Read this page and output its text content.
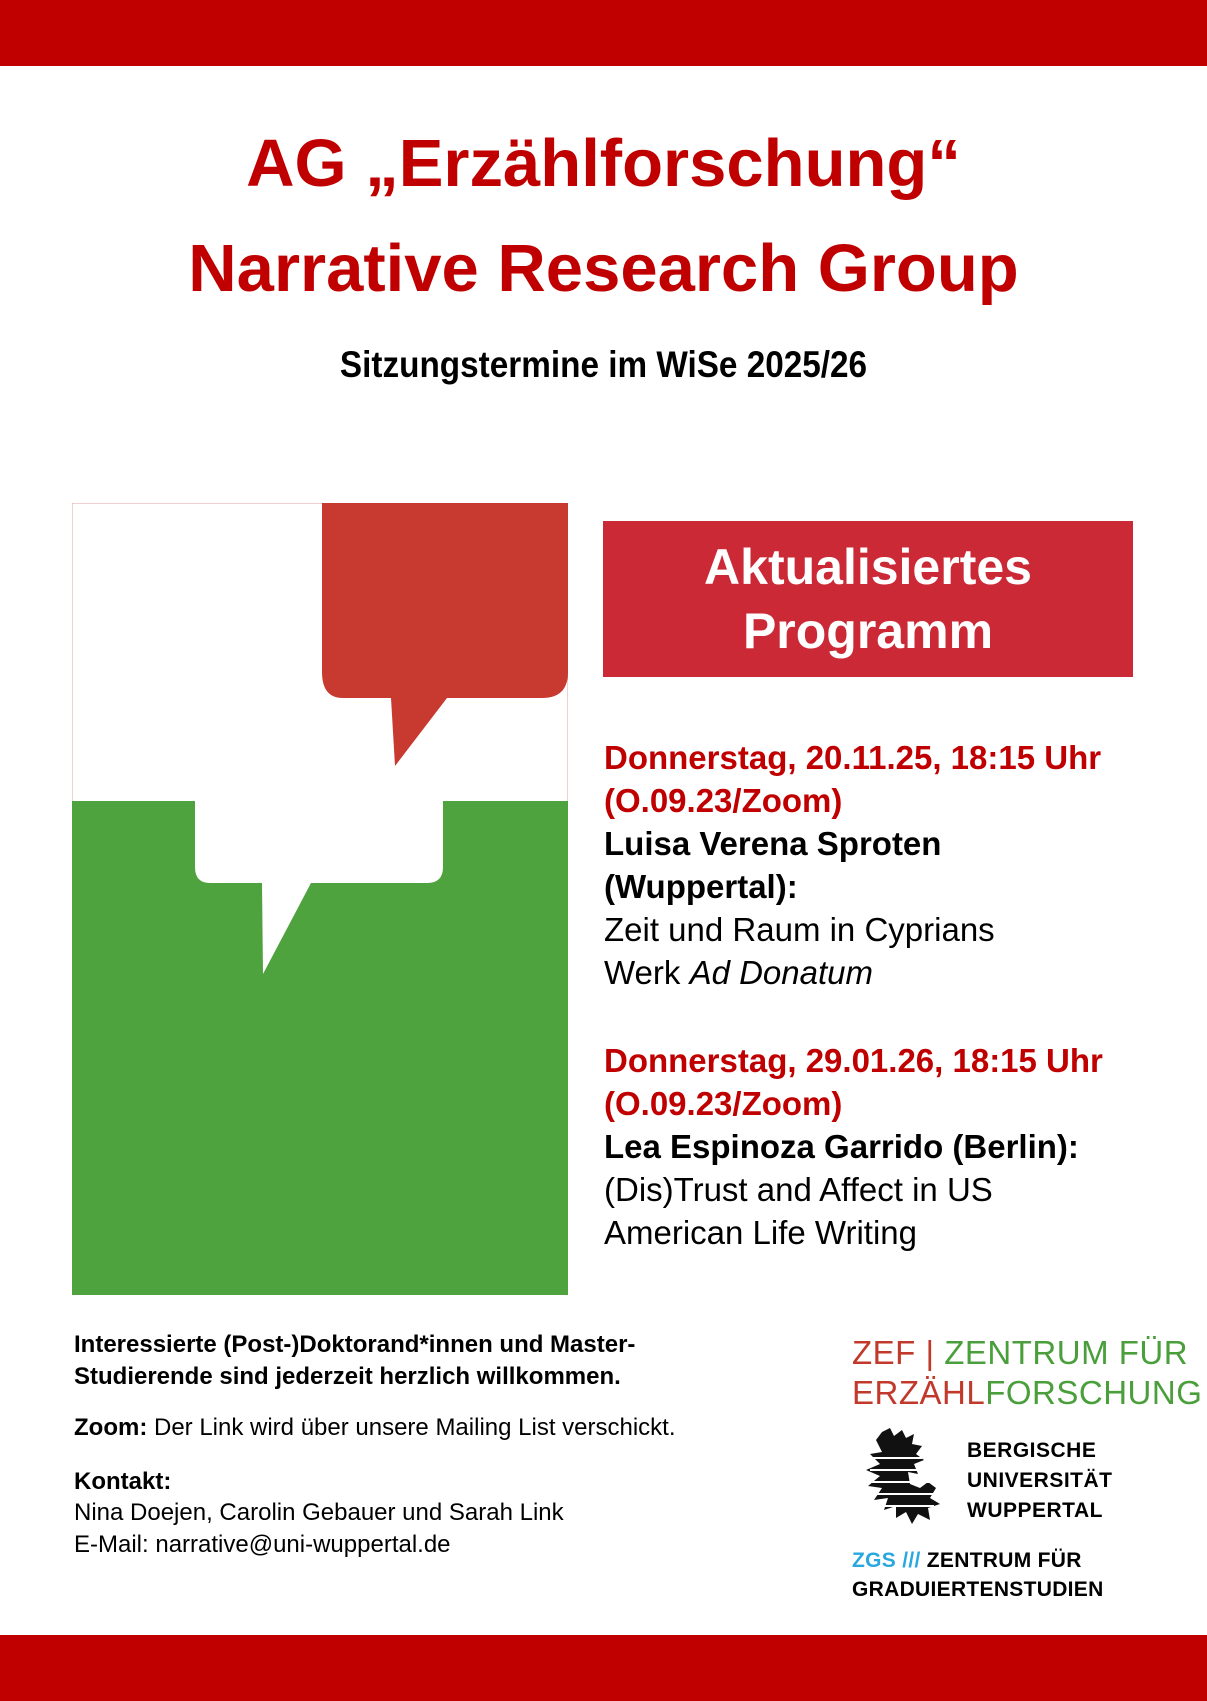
AG „Erzählforschung“
Narrative Research Group
Sitzungstermine im WiSe 2025/26
Aktualisiertes
Programm
Donnerstag, 20.11.25, 18:15 Uhr
(O.09.23/Zoom)
Luisa Verena Sproten
(Wuppertal):
Zeit und Raum in Cyprians
Werk Ad Donatum
Donnerstag, 29.01.26, 18:15 Uhr
(O.09.23/Zoom)
Lea Espinoza Garrido (Berlin):
(Dis)Trust and Affect in US
American Life Writing

Interessierte (Post-)Doktorand*innen und Master-
Studierende sind jederzeit herzlich willkommen.

Zoom: Der Link wird über unsere Mailing List verschickt.

Kontakt:

Nina Doejen, Carolin Gebauer und Sarah Link

E-Mail: narrative@uni-wuppertal.de

ZEF | ZENTRUM FÜR
ERZÄHLFORSCHUNG
BERGISCHE
UNIVERSITÄT
WUPPERTAL
ZGS /// ZENTRUM FÜR
GRADUIERTENSTUDIEN
